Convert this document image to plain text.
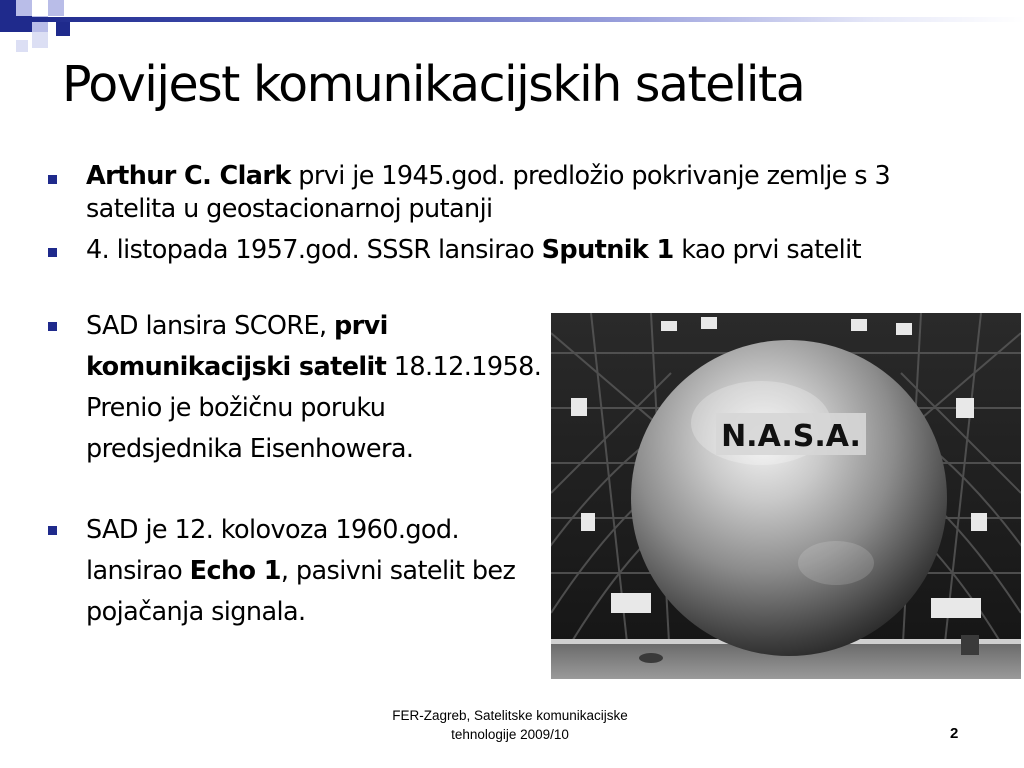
Povijest komunikacijskih satelita
Arthur C. Clark prvi je 1945.god. predložio pokrivanje zemlje s 3 satelita u geostacionarnoj putanji
4. listopada 1957.god. SSSR lansirao Sputnik 1 kao prvi satelit
SAD lansira SCORE, prvi komunikacijski satelit 18.12.1958. Prenio je božičnu poruku predsjednika Eisenhowera.
SAD je 12. kolovoza 1960.god. lansirao Echo 1, pasivni satelit bez pojačanja signala.
N.A.S.A.
FER-Zagreb, Satelitske komunikacijske
tehnologije 2009/10	2
